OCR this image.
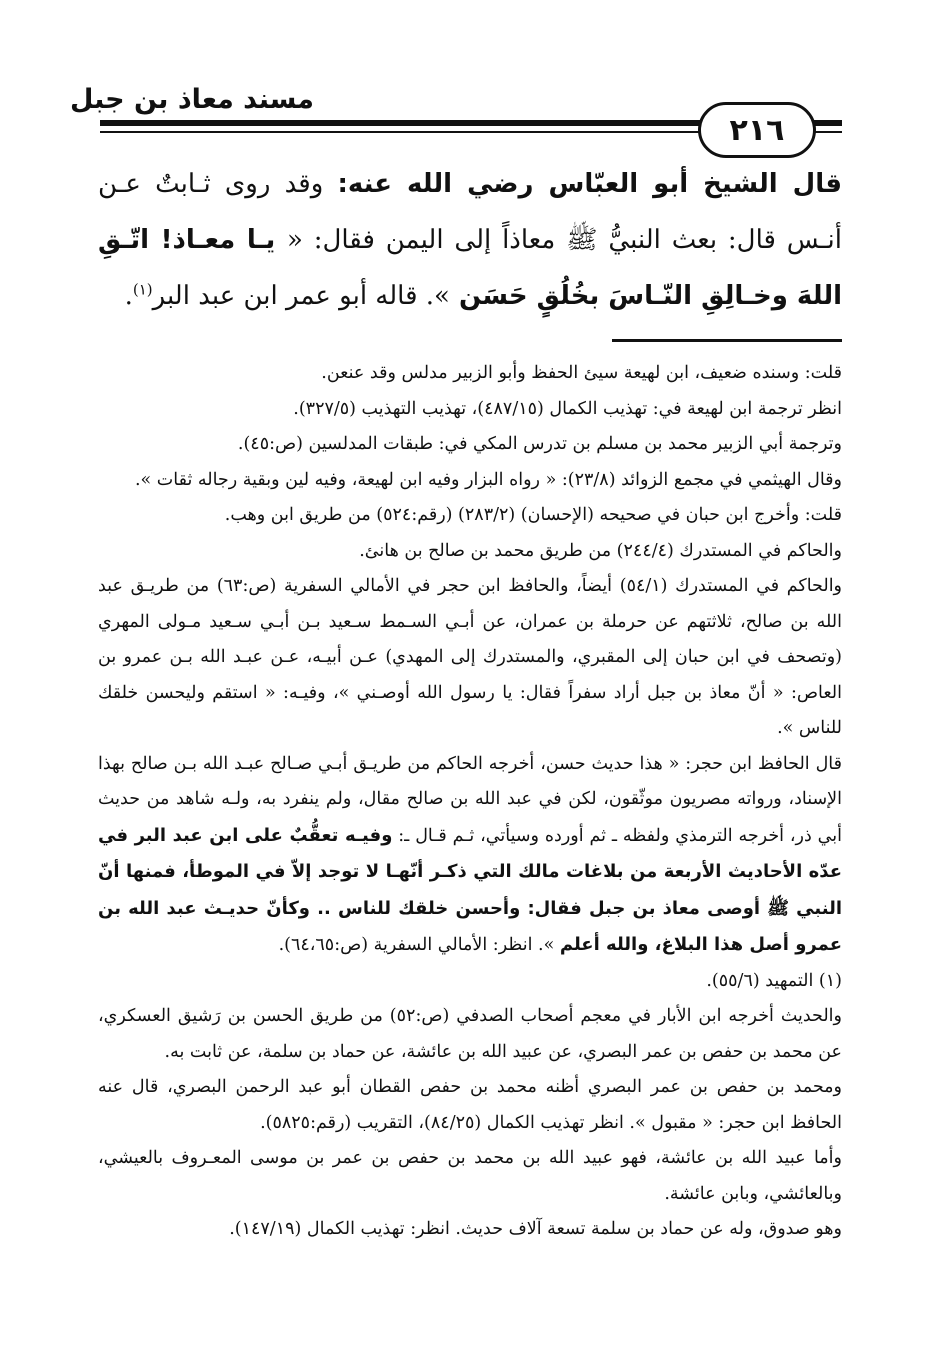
مسند معاذ بن جبل
٢١٦

قال الشيخ أبو العبّاس رضي الله عنه: وقد روى ثـابتٌ عـن أنـس قال: بعث النبيُّ ﷺ معاذاً إلى اليمن فقال: « يـا معـاذ! اتّـقِ اللهَ وخـالِقِ النّـاسَ بخُلُقٍ حَسَن ». قاله أبو عمر ابن عبد البر$^{(١)}$.

قلت: وسنده ضعيف، ابن لهيعة سيئ الحفظ وأبو الزبير مدلس وقد عنعن.

انظر ترجمة ابن لهيعة في: تهذيب الكمال (٤٨٧/١٥)، تهذيب التهذيب (٣٢٧/٥).

وترجمة أبي الزبير محمد بن مسلم بن تدرس المكي في: طبقات المدلسين (ص:٤٥).

وقال الهيثمي في مجمع الزوائد (٢٣/٨): « رواه البزار وفيه ابن لهيعة، وفيه لين وبقية رجاله ثقات ».

قلت: وأخرج ابن حبان في صحيحه (الإحسان) (٢٨٣/٢) (رقم:٥٢٤) من طريق ابن وهب.

والحاكم في المستدرك (٢٤٤/٤) من طريق محمد بن صالح بن هانئ.

والحاكم في المستدرك (٥٤/١) أيضاً، والحافظ ابن حجر في الأمالي السفرية (ص:٦٣) من طريـق عبد الله بن صالح، ثلاثتهم عن حرملة بن عمران، عن أبـي السـمط سـعيد بـن أبـي سـعيد مـولى المهري (وتصحف في ابن حبان إلى المقبري، والمستدرك إلى المهدي) عـن أبيـه، عـن عبـد الله بـن عمرو بن العاص: « أنّ معاذ بن جبل أراد سفراً فقال: يا رسول الله أوصـني »، وفيـه: « استقم وليحسن خلقك للناس ».

قال الحافظ ابن حجر: « هذا حديث حسن، أخرجه الحاكم من طريـق أبـي صـالح عبـد الله بـن صالح بهذا الإسناد، ورواته مصريون موثّقون، لكن في عبد الله بن صالح مقال، ولم ينفرد به، ولـه شاهد من حديث أبي ذر، أخرجه الترمذي ولفظه ـ ثم أورده وسيأتي، ثـم قـال ـ: وفيـه تعقُّبٌ على ابن عبد البر في عدّه الأحاديث الأربعة من بلاغات مالك التي ذكـر أنّهـا لا توجد إلاّ في الموطأ، فمنها أنّ النبي ﷺ أوصى معاذ بن جبل فقال: وأحسن خلقك للناس .. وكأنّ حديـث عبد الله بن عمرو أصل هذا البلاغ، والله أعلم ». انظر: الأمالي السفرية (ص:٦٤،٦٥).

(١) التمهيد (٥٥/٦).

والحديث أخرجه ابن الأبار في معجم أصحاب الصدفي (ص:٥٢) من طريق الحسن بن رَشيق العسكري، عن محمد بن حفص بن عمر البصري، عن عبيد الله بن عائشة، عن حماد بن سلمة، عن ثابت به.

ومحمد بن حفص بن عمر البصري أظنه محمد بن حفص القطان أبو عبد الرحمن البصري، قال عنه الحافظ ابن حجر: « مقبول ». انظر تهذيب الكمال (٨٤/٢٥)، التقريب (رقم:٥٨٢٥).

وأما عبيد الله بن عائشة، فهو عبيد الله بن محمد بن حفص بن عمر بن موسى المعـروف بالعيشي، وبالعائشي، وبابن عائشة.

وهو صدوق، وله عن حماد بن سلمة تسعة آلاف حديث. انظر: تهذيب الكمال (١٤٧/١٩).
